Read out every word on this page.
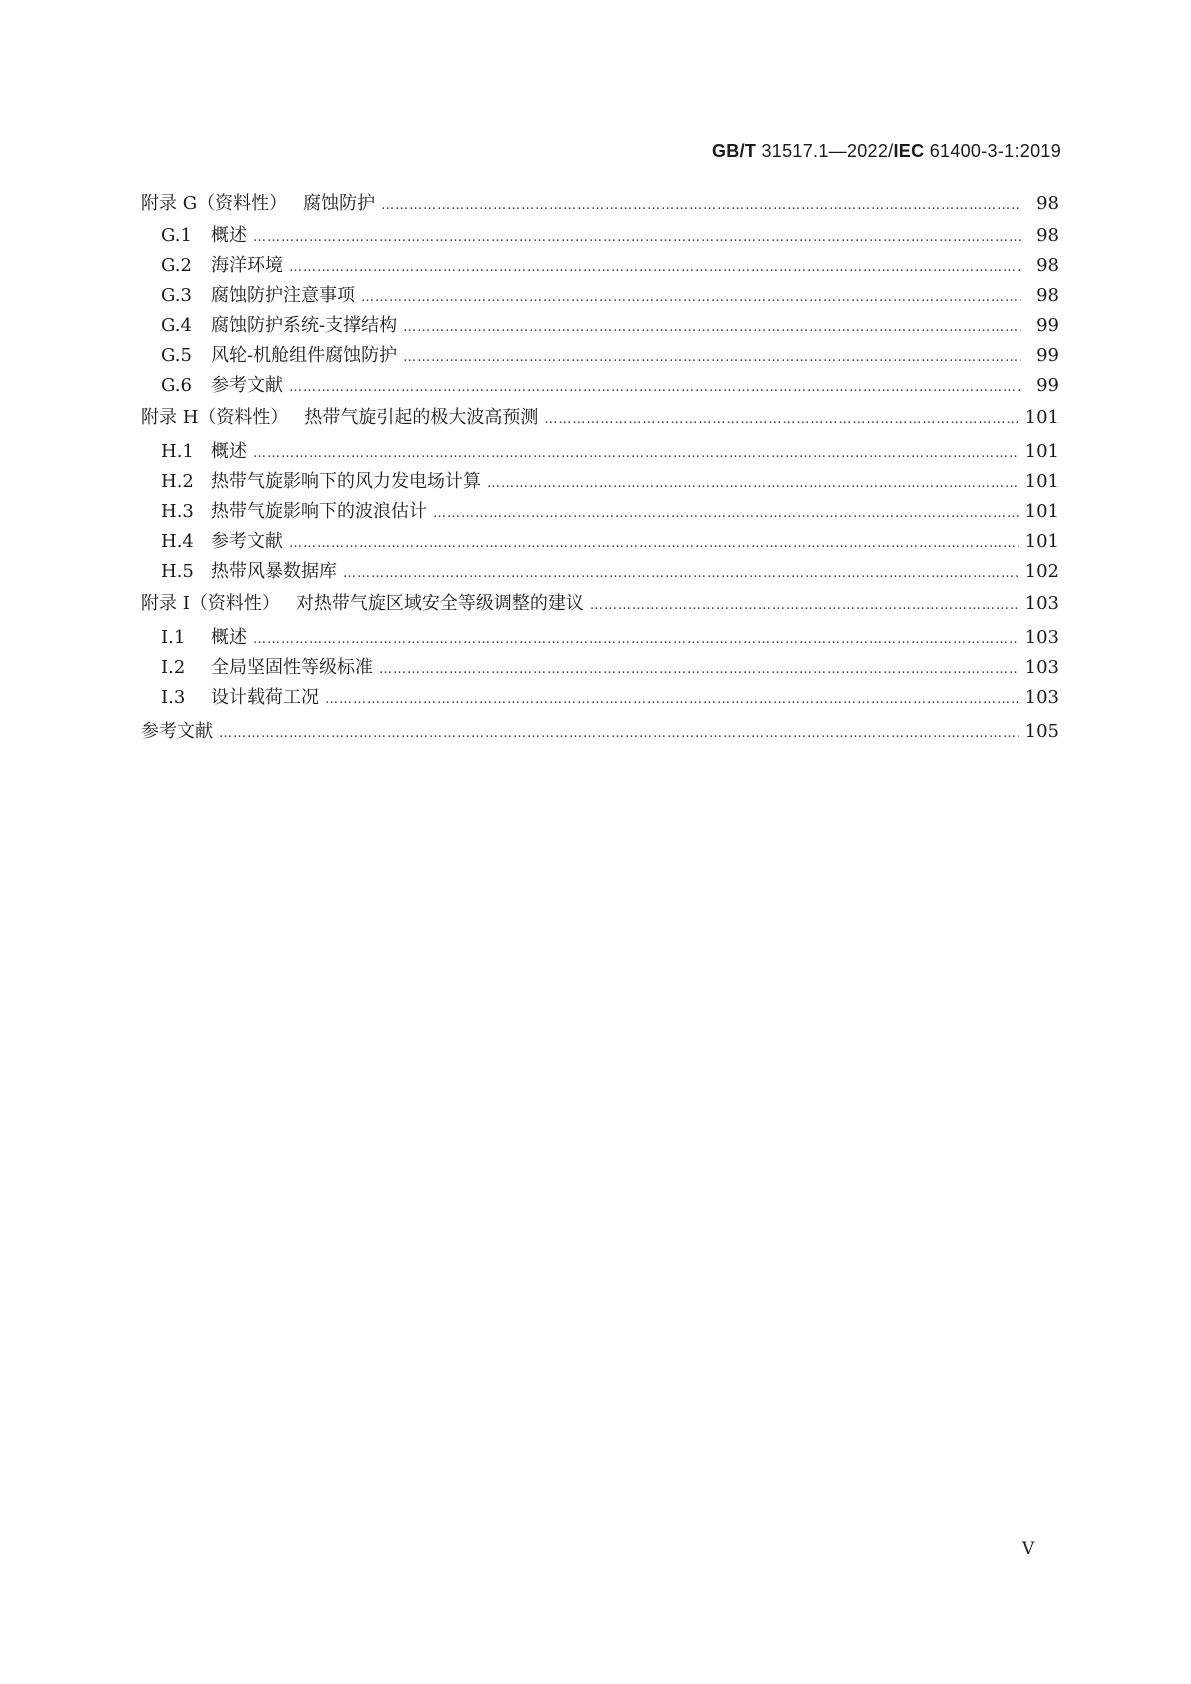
GB/T 31517.1—2022/IEC 61400-3-1:2019
附录 G（资料性） 腐蚀防护 …………………………………………………………………………………………………………………………………………………………………………………………………………………………………	98
G.1	概述 …………………………………………………………………………………………………………………………………………………………………………………………………………………………………	98
G.2	海洋环境 …………………………………………………………………………………………………………………………………………………………………………………………………………………………………	98
G.3	腐蚀防护注意事项 …………………………………………………………………………………………………………………………………………………………………………………………………………………………………	98
G.4	腐蚀防护系统-支撑结构 …………………………………………………………………………………………………………………………………………………………………………………………………………………………………	99
G.5	风轮-机舱组件腐蚀防护 …………………………………………………………………………………………………………………………………………………………………………………………………………………………………	99
G.6	参考文献 …………………………………………………………………………………………………………………………………………………………………………………………………………………………………	99
附录 H（资料性） 热带气旋引起的极大波高预测 …………………………………………………………………………………………………………………………………………………………………………………………………………………………………	101
H.1 概述 …………………………………………………………………………………………………………………………………………………………………………………………………………………………………	101
H.2 热带气旋影响下的风力发电场计算 …………………………………………………………………………………………………………………………………………………………………………………………………………………………………	101
H.3 热带气旋影响下的波浪估计 …………………………………………………………………………………………………………………………………………………………………………………………………………………………………	101
H.4 参考文献 …………………………………………………………………………………………………………………………………………………………………………………………………………………………………	101
H.5 热带风暴数据库 …………………………………………………………………………………………………………………………………………………………………………………………………………………………………	102
附录 I（资料性） 对热带气旋区域安全等级调整的建议 …………………………………………………………………………………………………………………………………………………………………………………………………………………………………	103
I.1	概述 …………………………………………………………………………………………………………………………………………………………………………………………………………………………………	103
I.2	全局坚固性等级标准 …………………………………………………………………………………………………………………………………………………………………………………………………………………………………	103
I.3	设计载荷工况 …………………………………………………………………………………………………………………………………………………………………………………………………………………………………	103
参考文献 …………………………………………………………………………………………………………………………………………………………………………………………………………………………………	105
V
